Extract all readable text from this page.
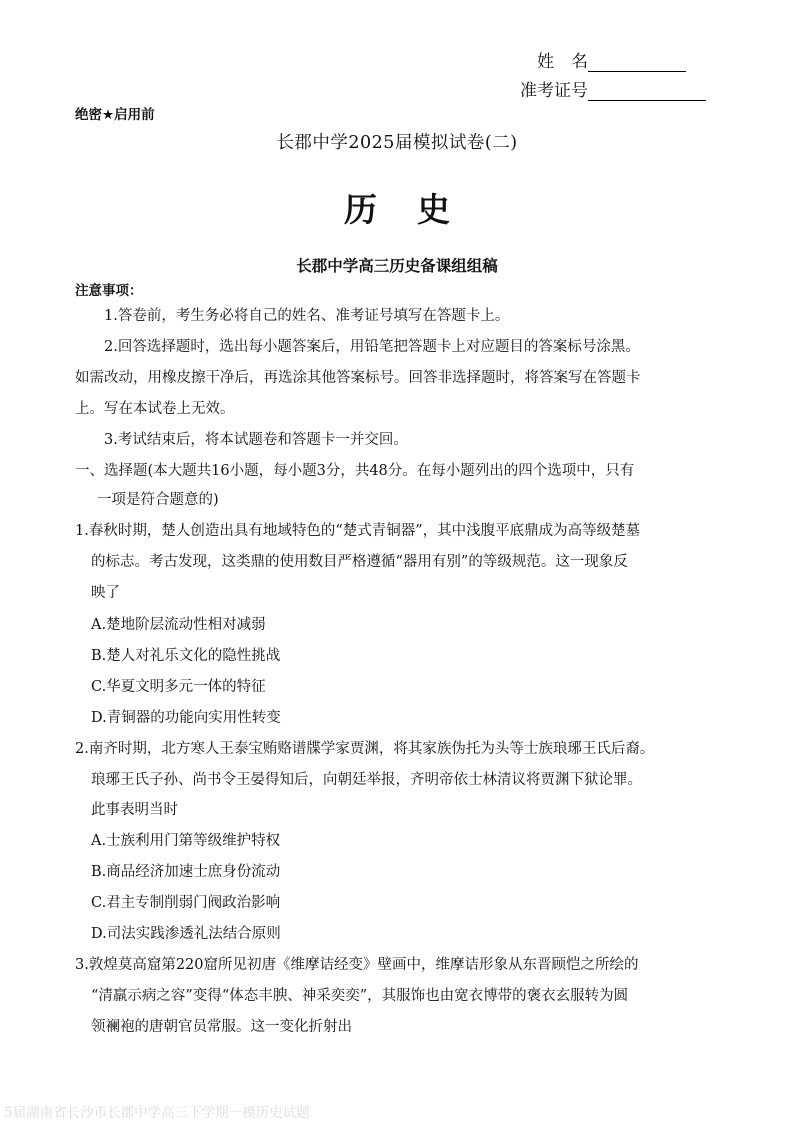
姓　名
准考证号
绝密★启用前
长郡中学2025届模拟试卷(二)
历 史
长郡中学高三历史备课组组稿
注意事项：
1.答卷前，考生务必将自己的姓名、准考证号填写在答题卡上。
2.回答选择题时，选出每小题答案后，用铅笔把答题卡上对应题目的答案标号涂黑。
如需改动，用橡皮擦干净后，再选涂其他答案标号。回答非选择题时，将答案写在答题卡
上。写在本试卷上无效。
3.考试结束后，将本试题卷和答题卡一并交回。
一、选择题(本大题共16小题，每小题3分，共48分。在每小题列出的四个选项中，只有
一项是符合题意的)
1.春秋时期，楚人创造出具有地域特色的“楚式青铜器”，其中浅腹平底鼎成为高等级楚墓
的标志。考古发现，这类鼎的使用数目严格遵循“器用有别”的等级规范。这一现象反
映了
A.楚地阶层流动性相对减弱
B.楚人对礼乐文化的隐性挑战
C.华夏文明多元一体的特征
D.青铜器的功能向实用性转变
2.南齐时期，北方寒人王泰宝贿赂谱牒学家贾渊，将其家族伪托为头等士族琅琊王氏后裔。
琅琊王氏子孙、尚书令王晏得知后，向朝廷举报，齐明帝依士林清议将贾渊下狱论罪。
此事表明当时
A.士族利用门第等级维护特权
B.商品经济加速士庶身份流动
C.君主专制削弱门阀政治影响
D.司法实践渗透礼法结合原则
3.敦煌莫高窟第220窟所见初唐《维摩诘经变》壁画中，维摩诘形象从东晋顾恺之所绘的
“清羸示病之容”变得“体态丰腴、神采奕奕”，其服饰也由宽衣博带的褒衣玄服转为圆
领襕袍的唐朝官员常服。这一变化折射出
5届湖南省长沙市长郡中学高三下学期一模历史试题
